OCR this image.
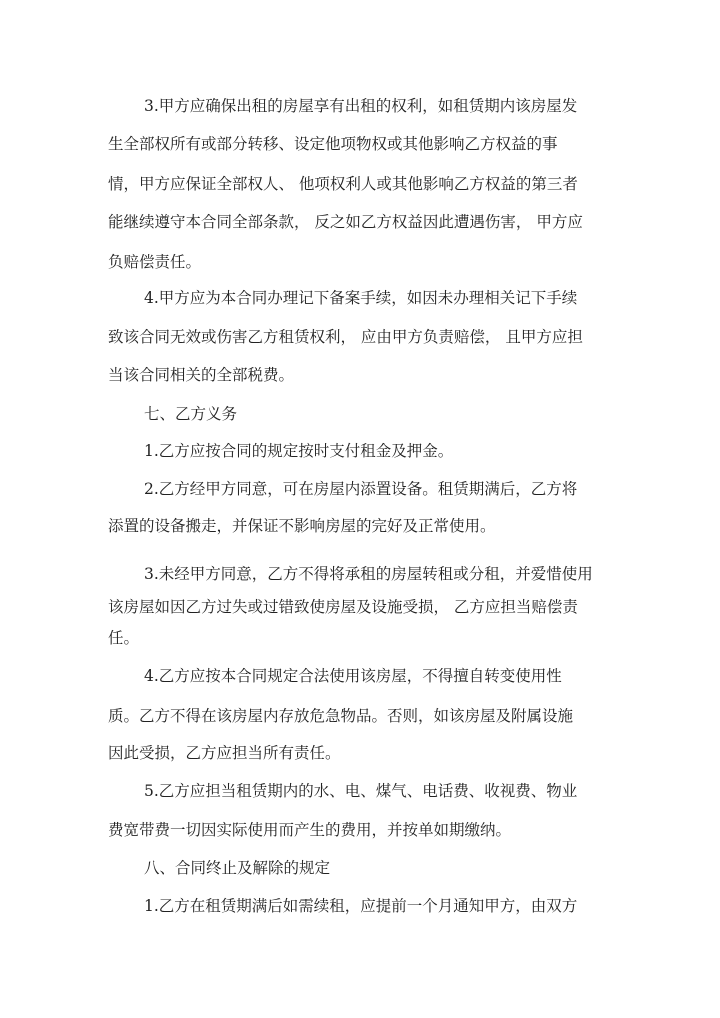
3.甲方应确保出租的房屋享有出租的权利，如租赁期内该房屋发
生全部权所有或部分转移、设定他项物权或其他影响乙方权益的事
情，甲方应保证全部权人、 他项权利人或其他影响乙方权益的第三者
能继续遵守本合同全部条款， 反之如乙方权益因此遭遇伤害， 甲方应
负赔偿责任。
4.甲方应为本合同办理记下备案手续，如因未办理相关记下手续
致该合同无效或伤害乙方租赁权利， 应由甲方负责赔偿， 且甲方应担
当该合同相关的全部税费。
七、乙方义务
1.乙方应按合同的规定按时支付租金及押金。
2.乙方经甲方同意，可在房屋内添置设备。租赁期满后，乙方将
添置的设备搬走，并保证不影响房屋的完好及正常使用。
3.未经甲方同意，乙方不得将承租的房屋转租或分租，并爱惜使用
该房屋如因乙方过失或过错致使房屋及设施受损， 乙方应担当赔偿责
任。
4.乙方应按本合同规定合法使用该房屋，不得擅自转变使用性
质。乙方不得在该房屋内存放危急物品。否则，如该房屋及附属设施
因此受损，乙方应担当所有责任。
5.乙方应担当租赁期内的水、电、煤气、电话费、收视费、物业
费宽带费一切因实际使用而产生的费用，并按单如期缴纳。
八、合同终止及解除的规定
1.乙方在租赁期满后如需续租，应提前一个月通知甲方，由双方
